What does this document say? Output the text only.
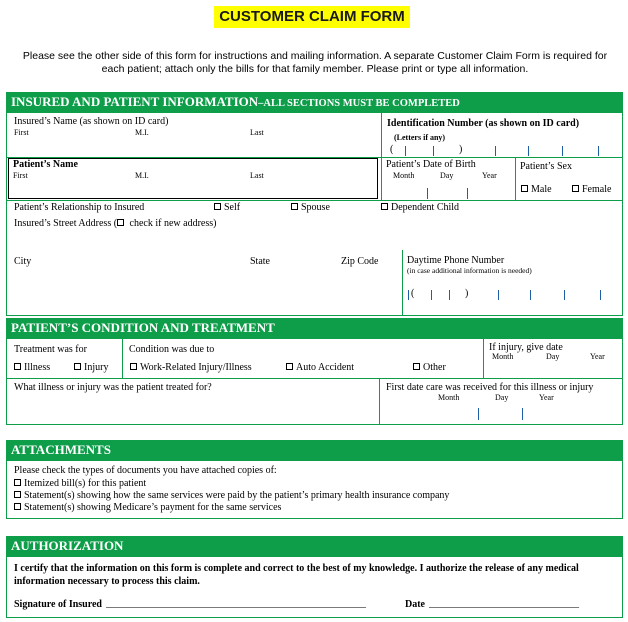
CUSTOMER CLAIM FORM
Please see the other side of this form for instructions and mailing information. A separate Customer Claim Form is required for each patient; attach only the bills for that family member. Please print or type all information.
INSURED AND PATIENT INFORMATION–ALL SECTIONS MUST BE COMPLETED
Insured’s Name (as shown on ID card)
First	M.I.	Last
Identification Number (as shown on ID card)
(Letters if any)
(	)
Patient’s Name
First	M.I.	Last
Patient’s Date of Birth
Month	Day	Year
Patient’s Sex
Male	Female
Patient’s Relationship to Insured	Self	Spouse	Dependent Child
Insured’s Street Address ( check if new address)
City	State	Zip Code	Daytime Phone Number
(in case additional information is needed)
(	)
PATIENT’S CONDITION AND TREATMENT
Treatment was for
Illness	Injury
Condition was due to
Work-Related Injury/Illness	Auto Accident	Other
If injury, give date
Month	Day	Year
What illness or injury was the patient treated for?	First date care was received for this illness or injury
Month	Day	Year
ATTACHMENTS
Please check the types of documents you have attached copies of:
Itemized bill(s) for this patient
Statement(s) showing how the same services were paid by the patient’s primary health insurance company
Statement(s) showing Medicare’s payment for the same services
AUTHORIZATION
I certify that the information on this form is complete and correct to the best of my knowledge. I authorize the release of any medical information necessary to process this claim.
Signature of Insured ____________________________________________________	Date ______________________________
